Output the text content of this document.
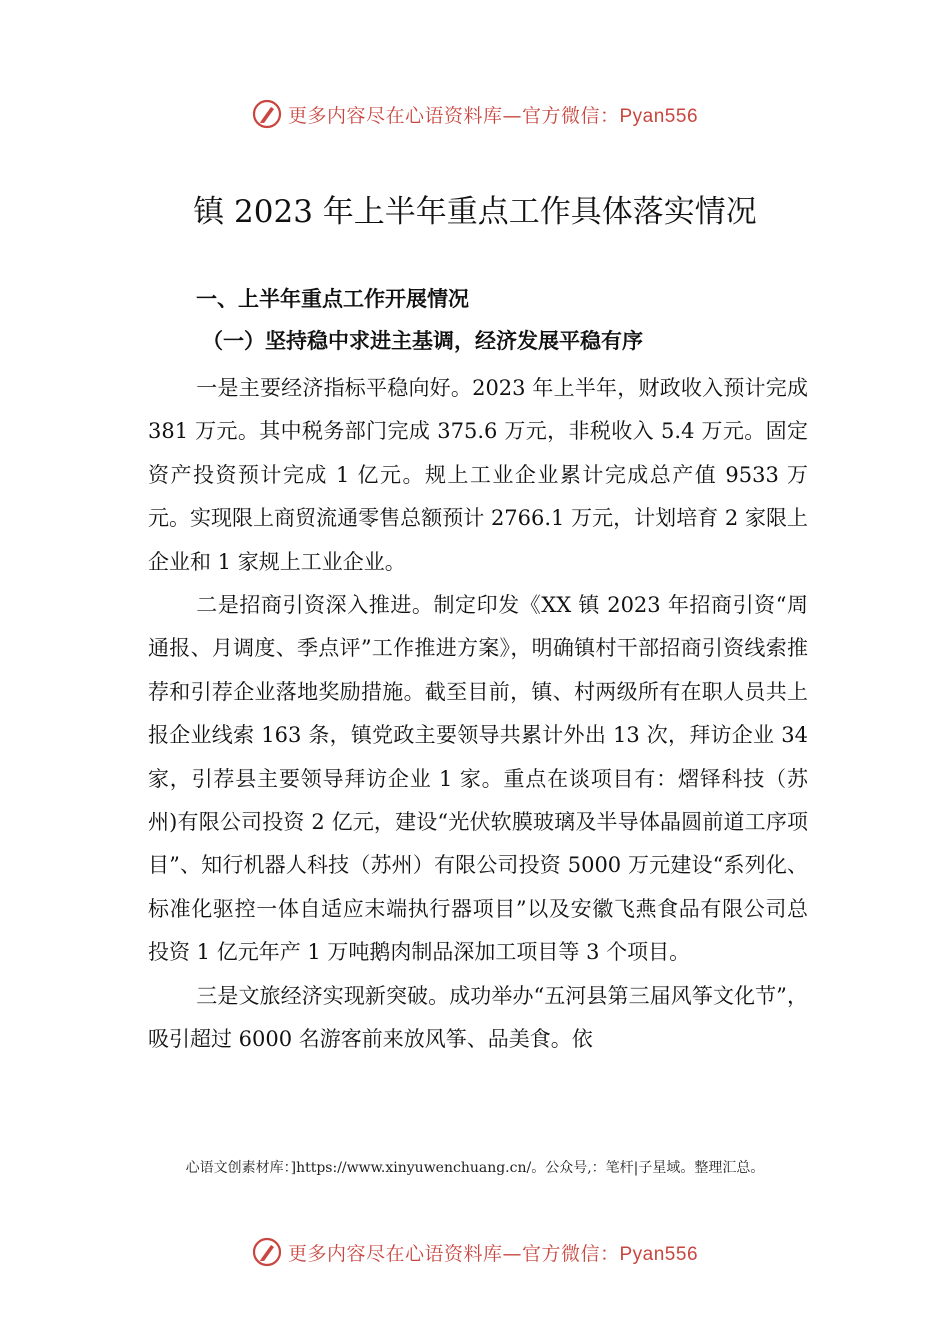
更多内容尽在心语资料库—官方微信：Pyan556
镇 2023 年上半年重点工作具体落实情况
一、上半年重点工作开展情况
（一）坚持稳中求进主基调，经济发展平稳有序

一是主要经济指标平稳向好。2023 年上半年，财政收入预计完成 381 万元。其中税务部门完成 375.6 万元，非税收入 5.4 万元。固定资产投资预计完成 1 亿元。规上工业企业累计完成总产值 9533 万元。实现限上商贸流通零售总额预计 2766.1 万元，计划培育 2 家限上企业和 1 家规上工业企业。

二是招商引资深入推进。制定印发《XX 镇 2023 年招商引资“周通报、月调度、季点评”工作推进方案》，明确镇村干部招商引资线索推荐和引荐企业落地奖励措施。截至目前，镇、村两级所有在职人员共上报企业线索 163 条，镇党政主要领导共累计外出 13 次，拜访企业 34 家，引荐县主要领导拜访企业 1 家。重点在谈项目有：熠铎科技（苏州)有限公司投资 2 亿元，建设“光伏软膜玻璃及半导体晶圆前道工序项目”、知行机器人科技（苏州）有限公司投资 5000 万元建设“系列化、标准化驱控一体自适应末端执行器项目”以及安徽飞燕食品有限公司总投资 1 亿元年产 1 万吨鹅肉制品深加工项目等 3 个项目。

三是文旅经济实现新突破。成功举办“五河县第三届风筝文化节”，吸引超过 6000 名游客前来放风筝、品美食。依

心语文创素材库：]https://www.xinyuwenchuang.cn/。公众号,：笔杆|子星域。整理汇总。
更多内容尽在心语资料库—官方微信：Pyan556
